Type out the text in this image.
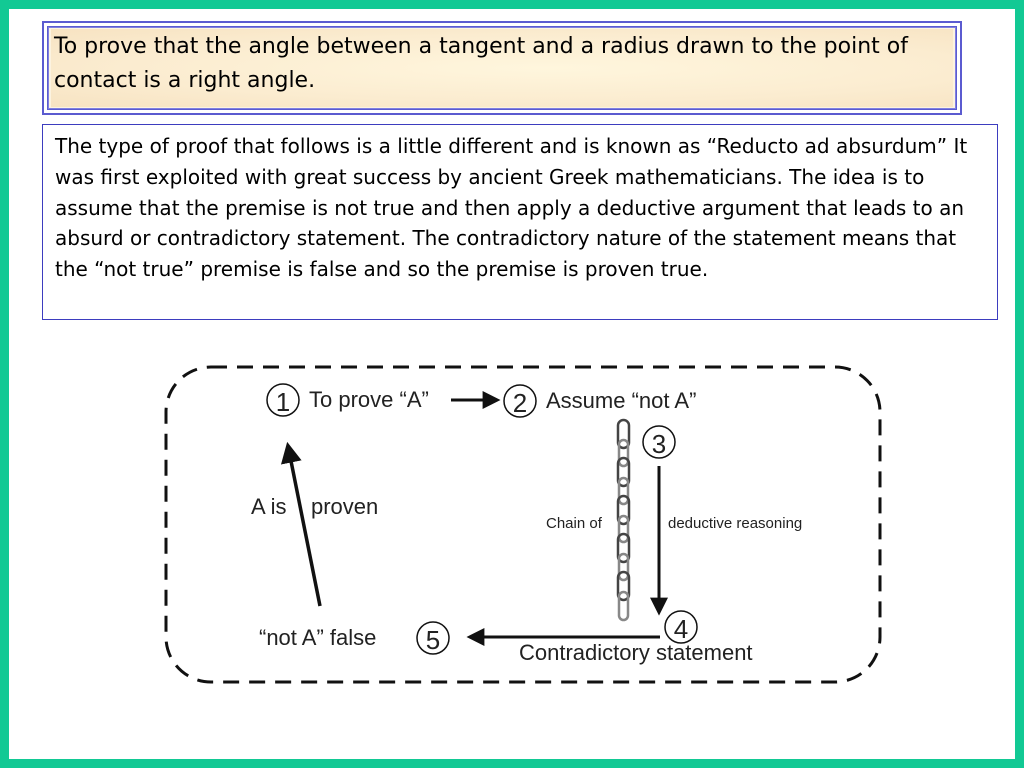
The type of proof that follows is a little different and is known as “Reducto ad absurdum” It was first exploited with great success by ancient Greek mathematicians. The idea is to assume that the premise is not true and then apply a deductive argument that leads to an absurd or contradictory statement. The contradictory nature of the statement means that the “not true” premise is false and so the premise is proven true.

To prove that the angle between a tangent and a radius drawn to the point of contact is a right angle.
1 To prove “A”	2 Assume “not A”
Chain of	deductive reasoning
3
4
Contradictory statement
5
“not A” false
A is proven
